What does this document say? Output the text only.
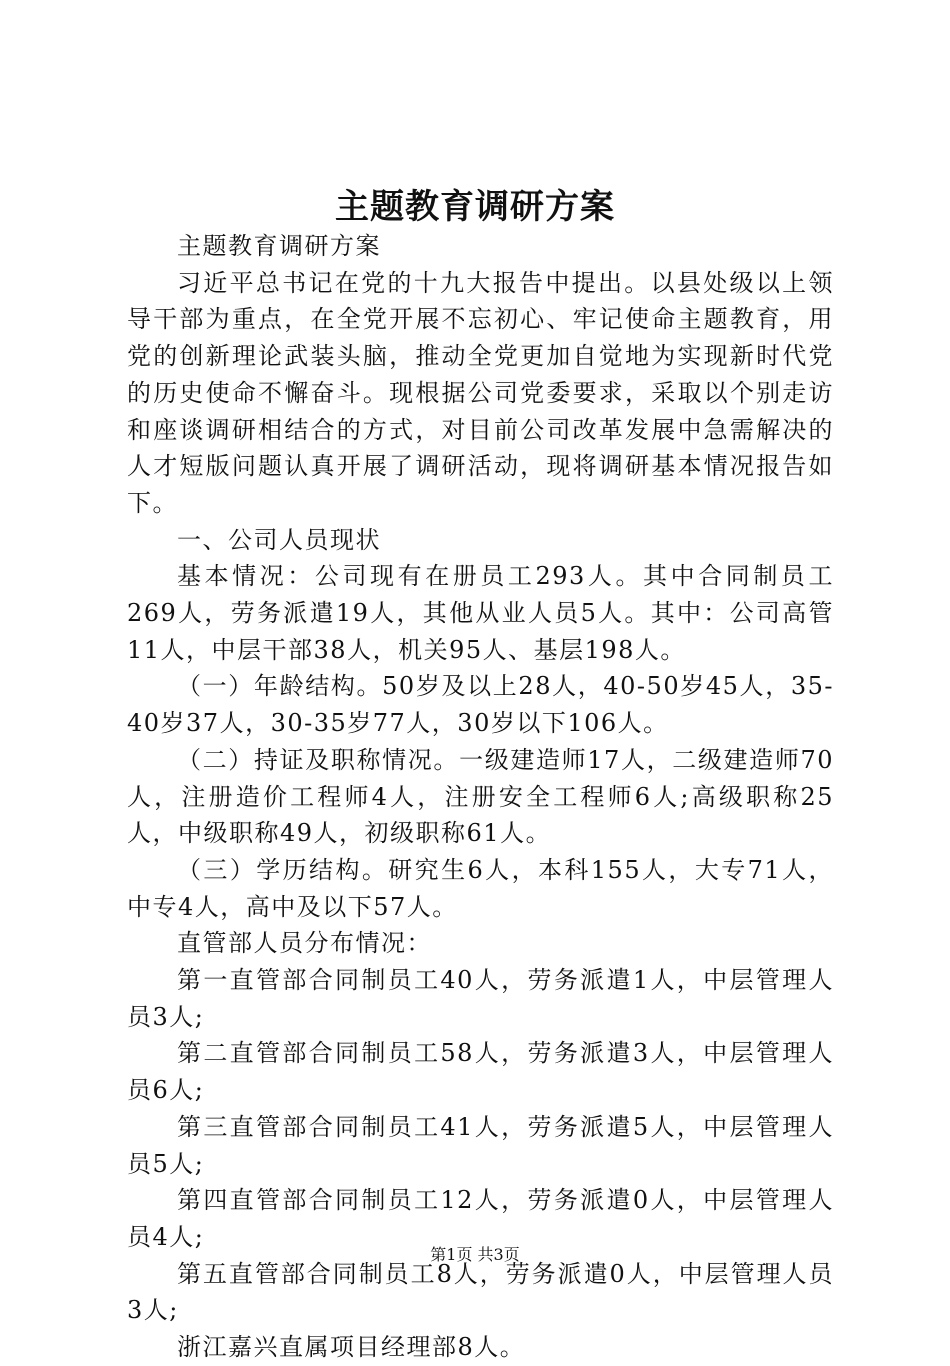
主题教育调研方案

主题教育调研方案

习近平总书记在党的十九大报告中提出。以县处级以上领导干部为重点，在全党开展不忘初心、牢记使命主题教育，用党的创新理论武装头脑，推动全党更加自觉地为实现新时代党的历史使命不懈奋斗。现根据公司党委要求，采取以个别走访和座谈调研相结合的方式，对目前公司改革发展中急需解决的人才短版问题认真开展了调研活动，现将调研基本情况报告如下。

一、公司人员现状

基本情况：公司现有在册员工293人。其中合同制员工269人，劳务派遣19人，其他从业人员5人。其中：公司高管11人，中层干部38人，机关95人、基层198人。

（一）年龄结构。50岁及以上28人，40-50岁45人，35-40岁37人，30-35岁77人，30岁以下106人。

（二）持证及职称情况。一级建造师17人，二级建造师70人，注册造价工程师4人，注册安全工程师6人;高级职称25人，中级职称49人，初级职称61人。

（三）学历结构。研究生6人，本科155人，大专71人，中专4人，高中及以下57人。

直管部人员分布情况：

第一直管部合同制员工40人，劳务派遣1人，中层管理人员3人;

第二直管部合同制员工58人，劳务派遣3人，中层管理人员6人;

第三直管部合同制员工41人，劳务派遣5人，中层管理人员5人;

第四直管部合同制员工12人，劳务派遣0人，中层管理人员4人;

第五直管部合同制员工8人，劳务派遣0人，中层管理人员3人;

浙江嘉兴直属项目经理部8人。

第1页 共3页
